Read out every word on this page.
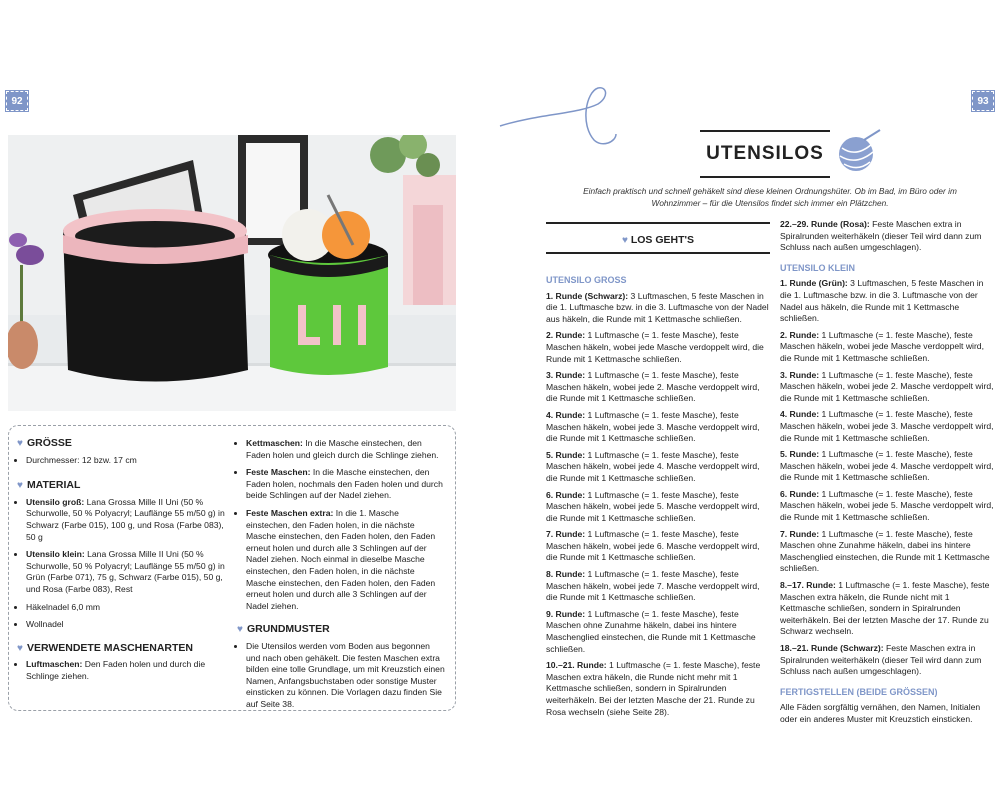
92	93
♥ GRÖSSE
• Durchmesser: 12 bzw. 17 cm
♥ MATERIAL
• Utensilo groß: Lana Grossa Mille II Uni (50 % Schurwolle, 50 % Polyacryl; Lauflänge 55 m/50 g) in Schwarz (Farbe 015), 100 g, und Rosa (Farbe 083), 50 g
• Utensilo klein: Lana Grossa Mille II Uni (50 % Schurwolle, 50 % Polyacryl; Lauflänge 55 m/50 g) in Grün (Farbe 071), 75 g, Schwarz (Farbe 015), 50 g, und Rosa (Farbe 083), Rest
• Häkelnadel 6,0 mm
• Wollnadel
♥ VERWENDETE MASCHENARTEN
• Luftmaschen: Den Faden holen und durch die Schlinge ziehen.
• Kettmaschen: In die Masche einstechen, den Faden holen und gleich durch die Schlinge ziehen.
• Feste Maschen: In die Masche einstechen, den Faden holen, nochmals den Faden holen und durch beide Schlingen auf der Nadel ziehen.
• Feste Maschen extra: In die 1. Masche einstechen, den Faden holen, in die nächste Masche einstechen, den Faden holen, den Faden erneut holen und durch alle 3 Schlingen auf der Nadel ziehen. Noch einmal in dieselbe Masche einstechen, den Faden holen, in die nächste Masche einstechen, den Faden holen, den Faden erneut holen und durch alle 3 Schlingen auf der Nadel ziehen.
♥ GRUNDMUSTER
• Die Utensilos werden vom Boden aus begonnen und nach oben gehäkelt. Die festen Maschen extra bilden eine tolle Grundlage, um mit Kreuzstich einen Namen, Anfangsbuchstaben oder sonstige Muster einsticken zu können. Die Vorlagen dazu finden Sie auf Seite 38.
UTENSILOS
Einfach praktisch und schnell gehäkelt sind diese kleinen Ordnungshüter. Ob im Bad, im Büro oder im Wohnzimmer – für die Utensilos findet sich immer ein Plätzchen.
♥
LOS GEHT'S
UTENSILO GROSS
1. Runde (Schwarz): 3 Luftmaschen, 5 feste Maschen in die 1. Luftmasche bzw. in die 3. Luftmasche von der Nadel aus häkeln, die Runde mit 1 Kettmasche schließen.
2. Runde: 1 Luftmasche (= 1. feste Masche), feste Maschen häkeln, wobei jede Masche verdoppelt wird, die Runde mit 1 Kettmasche schließen.
3. Runde: 1 Luftmasche (= 1. feste Masche), feste Maschen häkeln, wobei jede 2. Masche verdoppelt wird, die Runde mit 1 Kettmasche schließen.
4. Runde: 1 Luftmasche (= 1. feste Masche), feste Maschen häkeln, wobei jede 3. Masche verdoppelt wird, die Runde mit 1 Kettmasche schließen.
5. Runde: 1 Luftmasche (= 1. feste Masche), feste Maschen häkeln, wobei jede 4. Masche verdoppelt wird, die Runde mit 1 Kettmasche schließen.
6. Runde: 1 Luftmasche (= 1. feste Masche), feste Maschen häkeln, wobei jede 5. Masche verdoppelt wird, die Runde mit 1 Kettmasche schließen.
7. Runde: 1 Luftmasche (= 1. feste Masche), feste Maschen häkeln, wobei jede 6. Masche verdoppelt wird, die Runde mit 1 Kettmasche schließen.
8. Runde: 1 Luftmasche (= 1. feste Masche), feste Maschen häkeln, wobei jede 7. Masche verdoppelt wird, die Runde mit 1 Kettmasche schließen.
9. Runde: 1 Luftmasche (= 1. feste Masche), feste Maschen ohne Zunahme häkeln, dabei ins hintere Maschenglied einstechen, die Runde mit 1 Kettmasche schließen.
10.–21. Runde: 1 Luftmasche (= 1. feste Masche), feste Maschen extra häkeln, die Runde nicht mehr mit 1 Kettmasche schließen, sondern in Spiralrunden weiterhäkeln. Bei der letzten Masche der 21. Runde zu Rosa wechseln (siehe Seite 28).
22.–29. Runde (Rosa): Feste Maschen extra in Spiralrunden weiterhäkeln (dieser Teil wird dann zum Schluss nach außen umgeschlagen).
UTENSILO KLEIN
1. Runde (Grün): 3 Luftmaschen, 5 feste Maschen in die 1. Luftmasche bzw. in die 3. Luftmasche von der Nadel aus häkeln, die Runde mit 1 Kettmasche schließen.
2. Runde: 1 Luftmasche (= 1. feste Masche), feste Maschen häkeln, wobei jede Masche verdoppelt wird, die Runde mit 1 Kettmasche schließen.
3. Runde: 1 Luftmasche (= 1. feste Masche), feste Maschen häkeln, wobei jede 2. Masche verdoppelt wird, die Runde mit 1 Kettmasche schließen.
4. Runde: 1 Luftmasche (= 1. feste Masche), feste Maschen häkeln, wobei jede 3. Masche verdoppelt wird, die Runde mit 1 Kettmasche schließen.
5. Runde: 1 Luftmasche (= 1. feste Masche), feste Maschen häkeln, wobei jede 4. Masche verdoppelt wird, die Runde mit 1 Kettmasche schließen.
6. Runde: 1 Luftmasche (= 1. feste Masche), feste Maschen häkeln, wobei jede 5. Masche verdoppelt wird, die Runde mit 1 Kettmasche schließen.
7. Runde: 1 Luftmasche (= 1. feste Masche), feste Maschen ohne Zunahme häkeln, dabei ins hintere Maschenglied einstechen, die Runde mit 1 Kettmasche schließen.
8.–17. Runde: 1 Luftmasche (= 1. feste Masche), feste Maschen extra häkeln, die Runde nicht mit 1 Kettmasche schließen, sondern in Spiralrunden weiterhäkeln. Bei der letzten Masche der 17. Runde zu Schwarz wechseln.
18.–21. Runde (Schwarz): Feste Maschen extra in Spiralrunden weiterhäkeln (dieser Teil wird dann zum Schluss nach außen umgeschlagen).
FERTIGSTELLEN (BEIDE GRÖSSEN)
Alle Fäden sorgfältig vernähen, den Namen, Initialen oder ein anderes Muster mit Kreuzstich einsticken.
